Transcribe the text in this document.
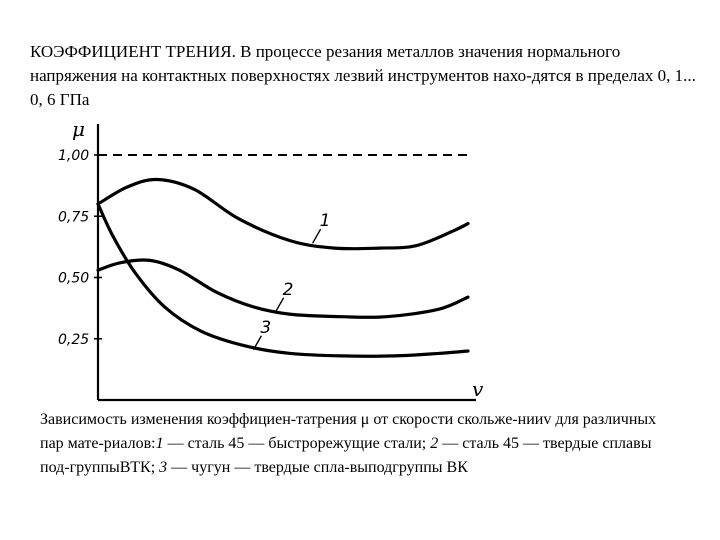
КОЭФФИЦИЕНТ ТРЕНИЯ. В процессе резания металлов значения нормального напряжения на контактных поверхностях лезвий инструментов нахо-дятся в пределах 0, 1... 0, 6 ГПа
μ
v
0,25
0,50
0,75
1,00
1
2
3
Зависимость изменения коэффициен-татрения μ от скорости скольже-нииv для различных пар мате-риалов:1 — сталь 45 — быстрорежущие стали; 2 — сталь 45 — твердые сплавы под-группыВТК; 3 — чугун — твердые спла-выподгруппы ВК
